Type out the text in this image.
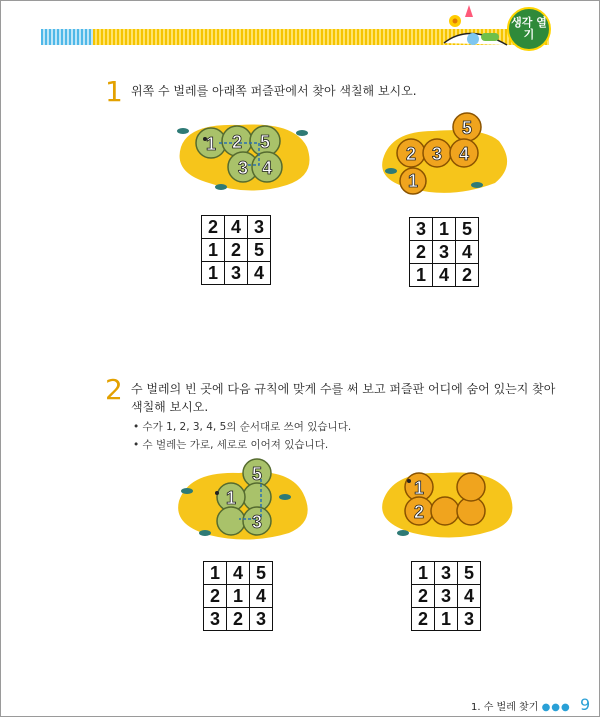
생각 열기
1 위쪽 수 벌레를 아래쪽 퍼즐판에서 찾아 색칠해 보시오.
1 2 5
3 4
5
2 3 4
1
2	4	3
1	2	5
1	3	4
3	1	5
2	3	4
1	4	2
2 수 벌레의 빈 곳에 다음 규칙에 맞게 수를 써 보고 퍼즐판 어디에 숨어 있는지 찾아
색칠해 보시오.
• 수가 1, 2, 3, 4, 5의 순서대로 쓰여 있습니다.
• 수 벌레는 가로, 세로로 이어져 있습니다.
5
1
3
1
2
1	4	5
2	1	4
3	2	3
1	3	5
2	3	4
2	1	3
1. 수 벌레 찾기 ●●● 9
